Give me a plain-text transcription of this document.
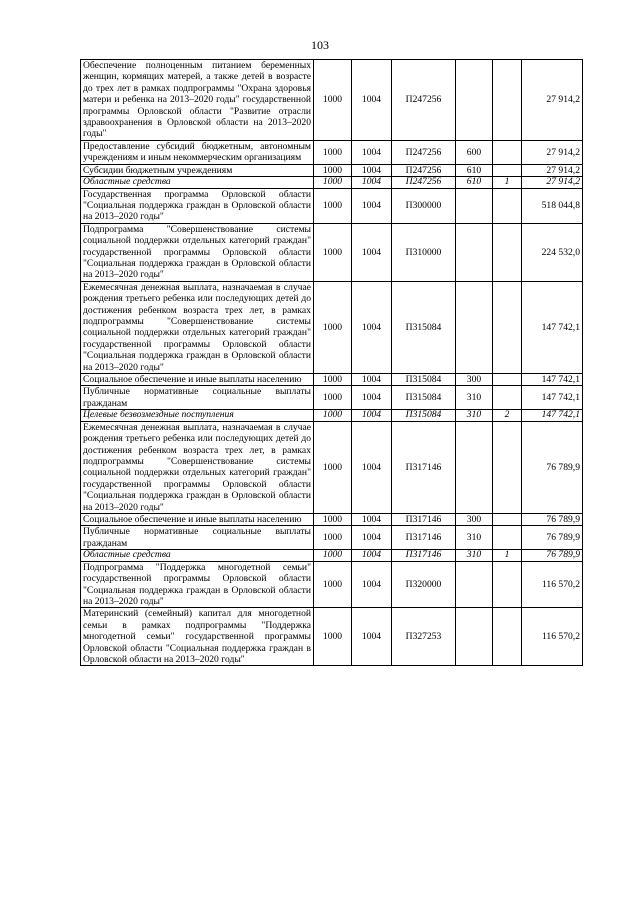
103
Обеспечение полноценным питанием беременных женщин, кормящих матерей, а также детей в возрасте до трех лет в рамках подпрограммы "Охрана здоровья матери и ребенка на 2013–2020 годы" государственной программы Орловской области "Развитие отрасли здравоохранения в Орловской области на 2013–2020 годы"	1000	1004	П247256			27 914,2
Предоставление субсидий бюджетным, автономным учреждениям и иным некоммерческим организациям	1000	1004	П247256	600		27 914,2
Субсидии бюджетным учреждениям	1000	1004	П247256	610		27 914,2
Областные средства	1000	1004	П247256	610	1	27 914,2
Государственная программа Орловской области "Социальная поддержка граждан в Орловской области на 2013–2020 годы"	1000	1004	П300000			518 044,8
Подпрограмма "Совершенствование системы социальной поддержки отдельных категорий граждан" государственной программы Орловской области "Социальная поддержка граждан в Орловской области на 2013–2020 годы"	1000	1004	П310000			224 532,0
Ежемесячная денежная выплата, назначаемая в случае рождения третьего ребенка или последующих детей до достижения ребенком возраста трех лет, в рамках подпрограммы "Совершенствование системы социальной поддержки отдельных категорий граждан" государственной программы Орловской области "Социальная поддержка граждан в Орловской области на 2013–2020 годы"	1000	1004	П315084			147 742,1
Социальное обеспечение и иные выплаты населению	1000	1004	П315084	300		147 742,1
Публичные нормативные социальные выплаты гражданам	1000	1004	П315084	310		147 742,1
Целевые безвозмездные поступления	1000	1004	П315084	310	2	147 742,1
Ежемесячная денежная выплата, назначаемая в случае рождения третьего ребенка или последующих детей до достижения ребенком возраста трех лет, в рамках подпрограммы "Совершенствование системы социальной поддержки отдельных категорий граждан" государственной программы Орловской области "Социальная поддержка граждан в Орловской области на 2013–2020 годы"	1000	1004	П317146			76 789,9
Социальное обеспечение и иные выплаты населению	1000	1004	П317146	300		76 789,9
Публичные нормативные социальные выплаты гражданам	1000	1004	П317146	310		76 789,9
Областные средства	1000	1004	П317146	310	1	76 789,9
Подпрограмма "Поддержка многодетной семьи" государственной программы Орловской области "Социальная поддержка граждан в Орловской области на 2013–2020 годы"	1000	1004	П320000			116 570,2
Материнский (семейный) капитал для многодетной семьи в рамках подпрограммы "Поддержка многодетной семьи" государственной программы Орловской области "Социальная поддержка граждан в Орловской области на 2013–2020 годы"	1000	1004	П327253			116 570,2
